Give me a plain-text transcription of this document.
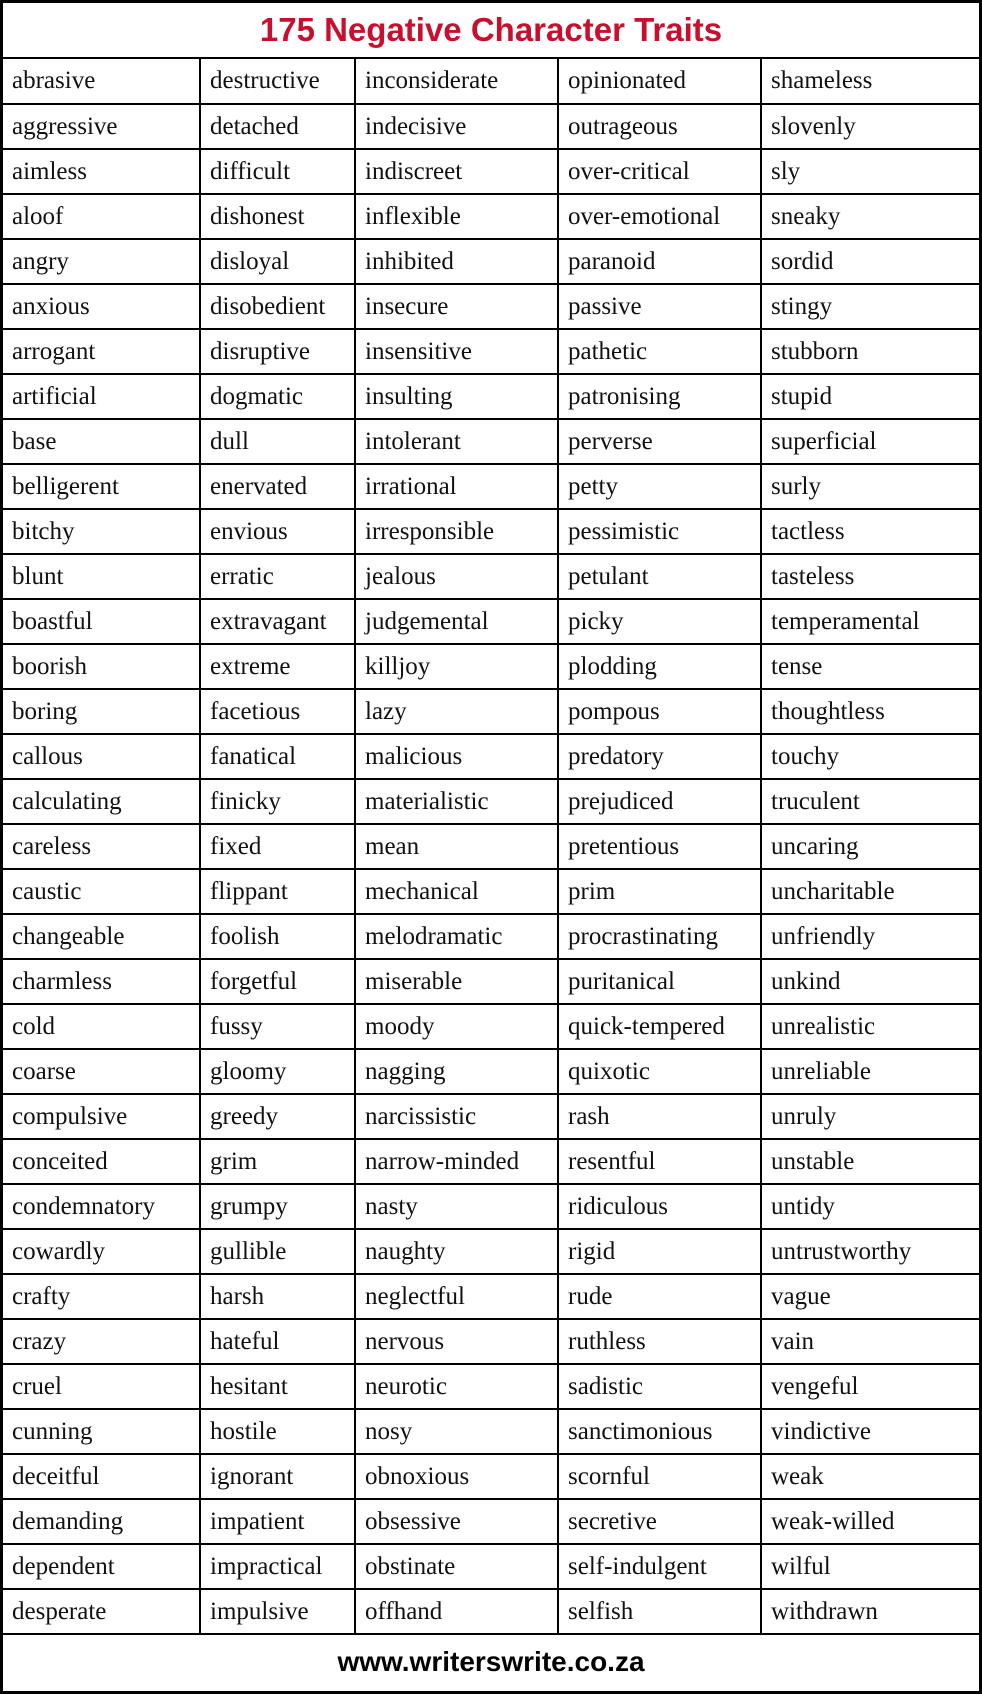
175 Negative Character Traits
abrasive	destructive	inconsiderate	opinionated	shameless
aggressive	detached	indecisive	outrageous	slovenly
aimless	difficult	indiscreet	over-critical	sly
aloof	dishonest	inflexible	over-emotional	sneaky
angry	disloyal	inhibited	paranoid	sordid
anxious	disobedient	insecure	passive	stingy
arrogant	disruptive	insensitive	pathetic	stubborn
artificial	dogmatic	insulting	patronising	stupid
base	dull	intolerant	perverse	superficial
belligerent	enervated	irrational	petty	surly
bitchy	envious	irresponsible	pessimistic	tactless
blunt	erratic	jealous	petulant	tasteless
boastful	extravagant	judgemental	picky	temperamental
boorish	extreme	killjoy	plodding	tense
boring	facetious	lazy	pompous	thoughtless
callous	fanatical	malicious	predatory	touchy
calculating	finicky	materialistic	prejudiced	truculent
careless	fixed	mean	pretentious	uncaring
caustic	flippant	mechanical	prim	uncharitable
changeable	foolish	melodramatic	procrastinating	unfriendly
charmless	forgetful	miserable	puritanical	unkind
cold	fussy	moody	quick-tempered	unrealistic
coarse	gloomy	nagging	quixotic	unreliable
compulsive	greedy	narcissistic	rash	unruly
conceited	grim	narrow-minded	resentful	unstable
condemnatory	grumpy	nasty	ridiculous	untidy
cowardly	gullible	naughty	rigid	untrustworthy
crafty	harsh	neglectful	rude	vague
crazy	hateful	nervous	ruthless	vain
cruel	hesitant	neurotic	sadistic	vengeful
cunning	hostile	nosy	sanctimonious	vindictive
deceitful	ignorant	obnoxious	scornful	weak
demanding	impatient	obsessive	secretive	weak-willed
dependent	impractical	obstinate	self-indulgent	wilful
desperate	impulsive	offhand	selfish	withdrawn
www.writerswrite.co.za
